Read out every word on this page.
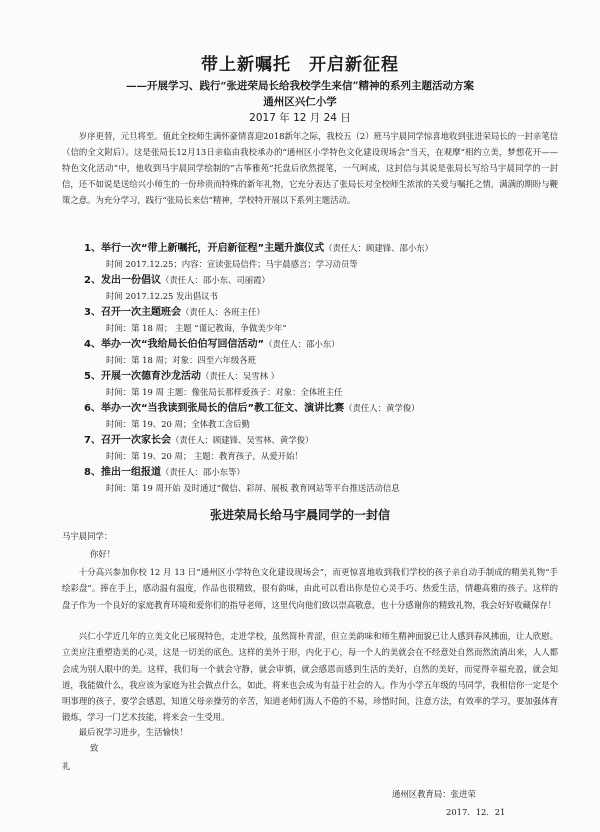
带上新嘱托　开启新征程
——开展学习、践行“张进荣局长给我校学生来信”精神的系列主题活动方案
通州区兴仁小学
2017 年 12 月 24 日
岁序更替，元旦将至。值此全校师生满怀豪情喜迎2018新年之际，我校五（2）班马宇晨同学惊喜地收到张进荣局长的一封亲笔信（信的全文附后）。这是张局长12月13日亲临由我校承办的“通州区小学特色文化建设现场会”当天，在观摩“相约立美，梦想花开——特色文化活动”中，他收到马宇晨同学绘制的“古筝雅苑”托盘后欣然提笔，一气呵成，这封信与其说是张局长写给马宇晨同学的一封信，还不如说是送给兴小师生的一份珍贵而特殊的新年礼物，它充分表达了张局长对全校师生浓浓的关爱与嘱托之情，满满的期盼与鞭策之意。为充分学习，践行“张局长来信”精神，学校特开展以下系列主题活动。
1、举行一次“带上新嘱托，开启新征程”主题升旗仪式（责任人：顾建锋、邵小东）
时间 2017.12.25；内容：宣读张局信件；马宇晨感言；学习动员等
2、发出一份倡议（责任人：邵小东、司丽霞）
时间 2017.12.25 发出倡议书
3、召开一次主题班会（责任人：各班主任）
时间：第 18 周； 主题 “谨记教诲，争做美少年”
4、举办一次“我给局长伯伯写回信活动”（责任人：邵小东）
时间：第 18 周；对象：四至六年级各班
5、开展一次德育沙龙活动（责任人：吴雪林 ）
时间：第 19 周 主题：像张局长那样爱孩子：对象：全体班主任
6、举办一次“当我读到张局长的信后”教工征文、演讲比赛（责任人：黄学俊）
时间：第 19、20 周；全体教工含后勤
7、召开一次家长会（责任人：顾建锋、吴雪林、黄学俊）
时间：第 19、20 周； 主题：教育孩子，从爱开始！
8、推出一组报道（责任人：邵小东等）
时间：第 19 周开始 及时通过“微信、彩屏、展板 教育网站等平台推送活动信息
张进荣局长给马宇晨同学的一封信
马宇晨同学：
你好！
十分高兴参加你校 12 月 13 日“通州区小学特色文化建设现场会”，而更惊喜地收到我们学校的孩子亲自动手制成的精美礼物“手绘彩盘”。捧在手上，感动温有温度，作品也很精致，很有韵味，由此可以看出你是位心灵手巧、热爱生活，情趣高雅的孩子。这样的盘子作为一个良好的家庭教育环境和爱你们的指导老师，这里代向他们致以崇高敬意，也十分感谢你的精致礼物，我会好好收藏保存！
兴仁小学近几年的立美文化已展现特色，走进学校，虽然简朴青涩，但立美韵味和师生精神面貌已让人感到春风拂面，让人欣慰。立美应注重塑造美的心灵，这是一切美的底色。这样的美外于形，内化于心，每一个人的美就会在不经意处自然而然流淌出来，人人都会成为别人眼中的美。这样，我们每一个就会守静，就会审慎，就会感恩而感到生活的美好，自然的美好，而觉得幸福充盈，就会知道，我能做什么，我应该为家庭为社会做点什么，如此，将来也会成为有益于社会的人。作为小学五年级的马同学，我相信你一定是个明事理的孩子，要学会感恩，知道父母亲操劳的辛苦，知道老师们海人不倦的不易，珍惜时间，注意方法，有效率的学习，要加强体育锻炼，学习一门艺术技能，将来会一生受用。
最后祝学习进步，生活愉快！
致
礼
通州区教育局：张进荣
2017．12．21
